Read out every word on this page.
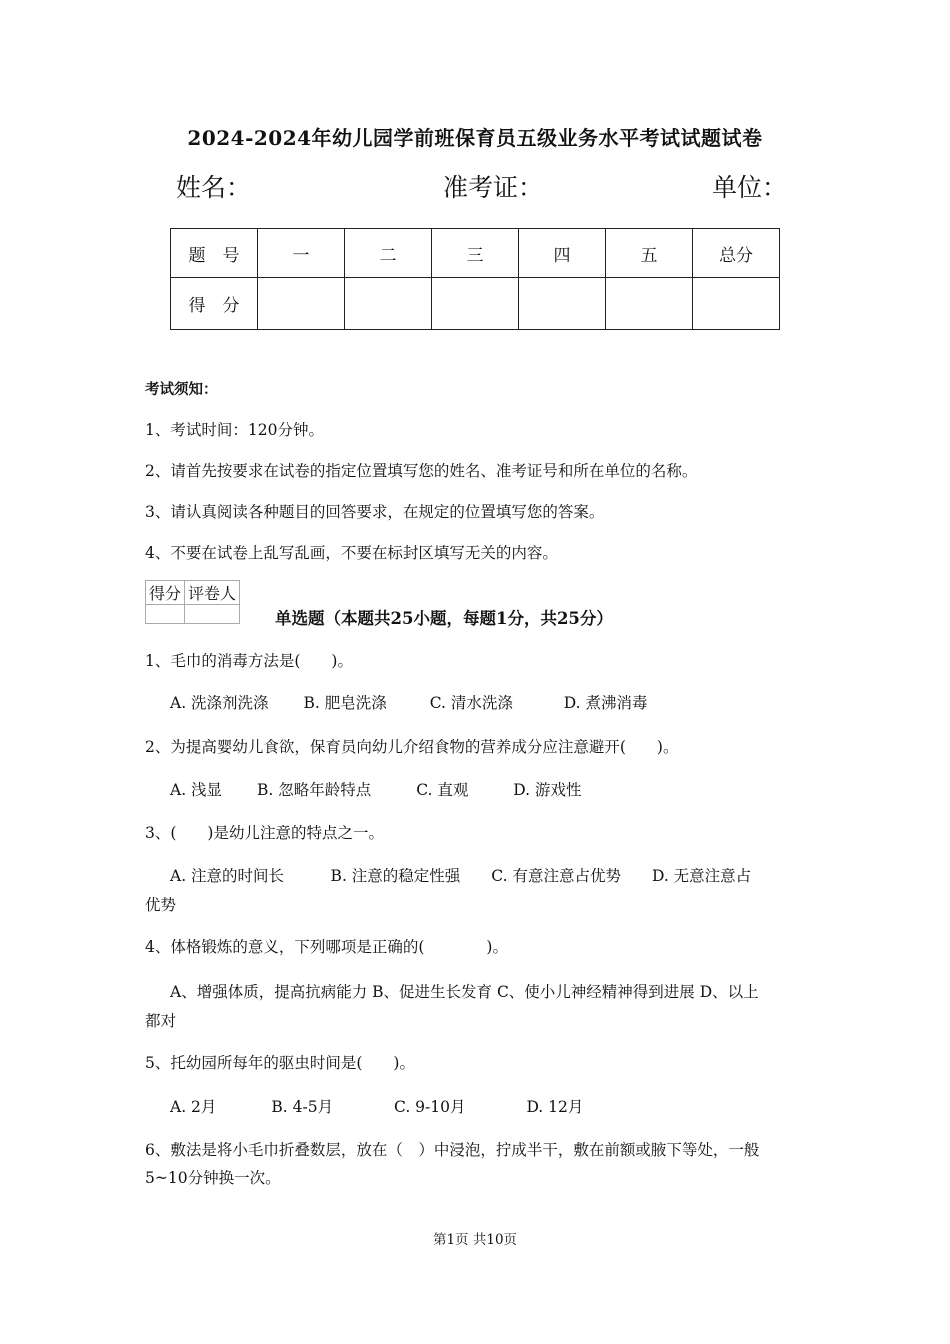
2024-2024年幼儿园学前班保育员五级业务水平考试试题试卷
姓名：	准考证：	单位：
题　号	一	二	三	四	五	总分
得　分						
考试须知：
1、考试时间：120分钟。
2、请首先按要求在试卷的指定位置填写您的姓名、准考证号和所在单位的名称。
3、请认真阅读各种题目的回答要求，在规定的位置填写您的答案。
4、不要在试卷上乱写乱画，不要在标封区填写无关的内容。
得分	评卷人

单选题（本题共25小题，每题1分，共25分）
1、毛巾的消毒方法是(　　)。
A. 洗涤剂洗涤 B. 肥皂洗涤	C. 清水洗涤	D. 煮沸消毒
2、为提高婴幼儿食欲，保育员向幼儿介绍食物的营养成分应注意避开(　　)。
A. 浅显 B. 忽略年龄特点	C. 直观	D. 游戏性
3、(　　)是幼儿注意的特点之一。
A. 注意的时间长　　　B. 注意的稳定性强　　C. 有意注意占优势　　D. 无意注意占
优势
4、体格锻炼的意义，下列哪项是正确的(　　　　)。
A、增强体质，提高抗病能力 B、促进生长发育 C、使小儿神经精神得到进展 D、以上
都对
5、托幼园所每年的驱虫时间是(　　)。
A. 2月	B. 4-5月	C. 9-10月	D. 12月
6、敷法是将小毛巾折叠数层，放在（　）中浸泡，拧成半干，敷在前额或腋下等处，一般
5~10分钟换一次。
第1页 共10页
